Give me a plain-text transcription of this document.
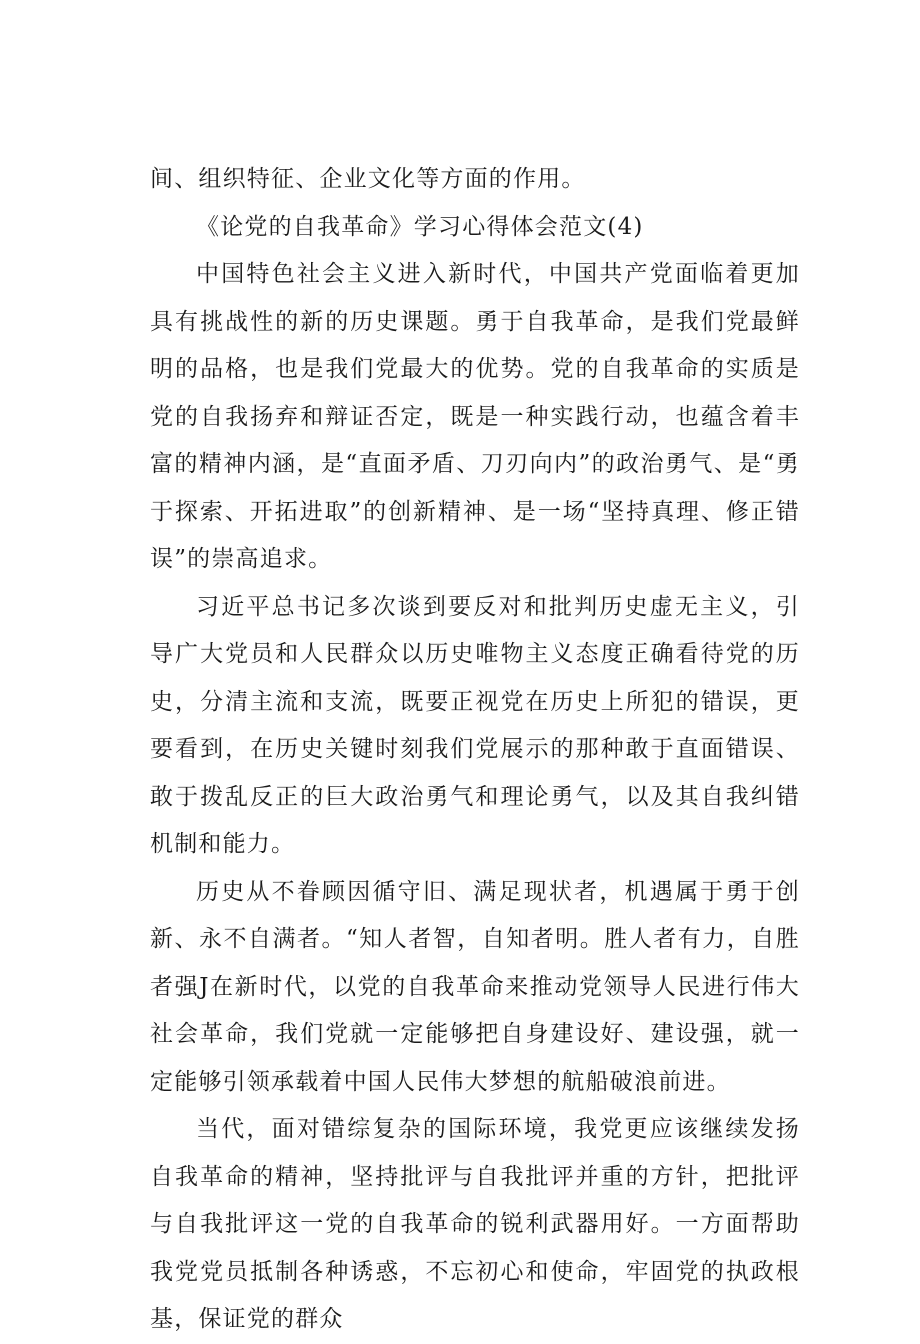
间、组织特征、企业文化等方面的作用。

《论党的自我革命》学习心得体会范文(4)

中国特色社会主义进入新时代，中国共产党面临着更加具有挑战性的新的历史课题。勇于自我革命，是我们党最鲜明的品格，也是我们党最大的优势。党的自我革命的实质是党的自我扬弃和辩证否定，既是一种实践行动，也蕴含着丰富的精神内涵，是“直面矛盾、刀刃向内”的政治勇气、是“勇于探索、开拓进取”的创新精神、是一场“坚持真理、修正错误”的崇高追求。

习近平总书记多次谈到要反对和批判历史虚无主义，引导广大党员和人民群众以历史唯物主义态度正确看待党的历史，分清主流和支流，既要正视党在历史上所犯的错误，更要看到，在历史关键时刻我们党展示的那种敢于直面错误、敢于拨乱反正的巨大政治勇气和理论勇气，以及其自我纠错机制和能力。

历史从不眷顾因循守旧、满足现状者，机遇属于勇于创新、永不自满者。“知人者智，自知者明。胜人者有力，自胜者强J在新时代，以党的自我革命来推动党领导人民进行伟大社会革命，我们党就一定能够把自身建设好、建设强，就一定能够引领承载着中国人民伟大梦想的航船破浪前进。

当代，面对错综复杂的国际环境，我党更应该继续发扬自我革命的精神，坚持批评与自我批评并重的方针，把批评与自我批评这一党的自我革命的锐利武器用好。一方面帮助我党党员抵制各种诱惑，不忘初心和使命，牢固党的执政根基，保证党的群众
